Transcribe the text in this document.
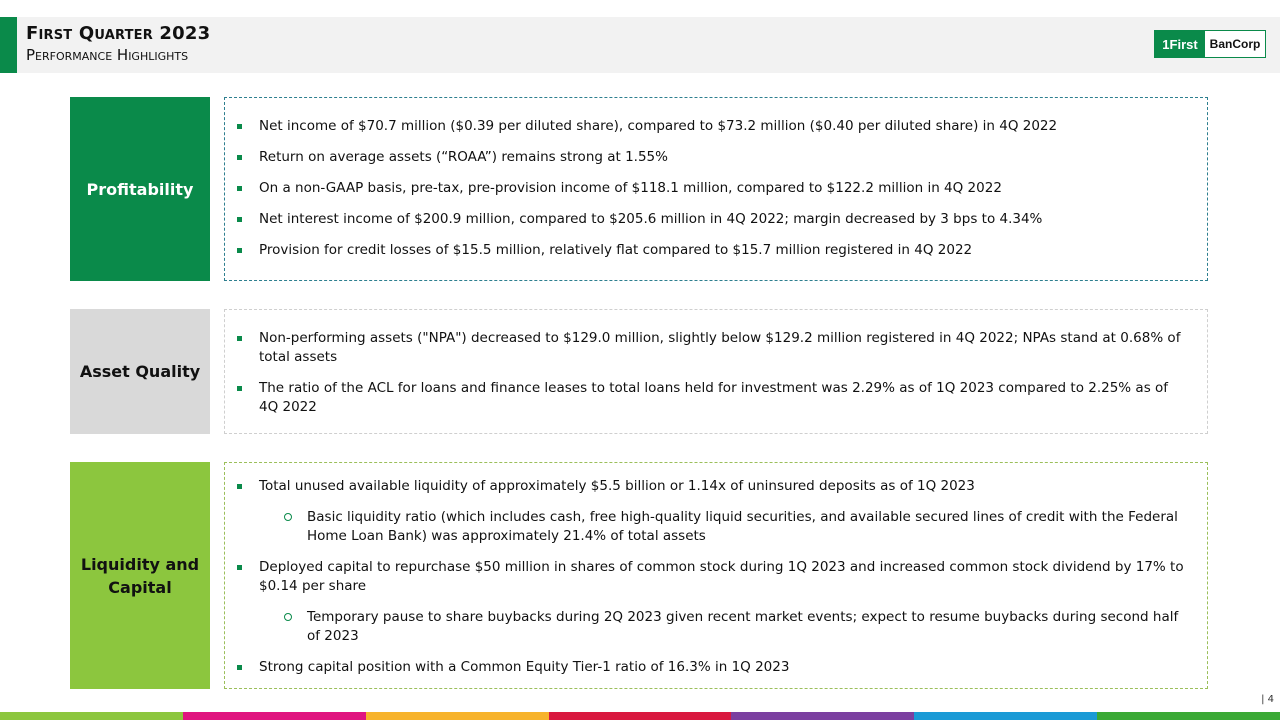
First Quarter 2023
Performance Highlights
1First BanCorp
Profitability
Net income of $70.7 million ($0.39 per diluted share), compared to $73.2 million ($0.40 per diluted share) in 4Q 2022
Return on average assets (“ROAA”) remains strong at 1.55%
On a non-GAAP basis, pre-tax, pre-provision income of $118.1 million, compared to $122.2 million in 4Q 2022
Net interest income of $200.9 million, compared to $205.6 million in 4Q 2022; margin decreased by 3 bps to 4.34%
Provision for credit losses of $15.5 million, relatively flat compared to $15.7 million registered in 4Q 2022
Asset Quality
Non-performing assets ("NPA") decreased to $129.0 million, slightly below $129.2 million registered in 4Q 2022; NPAs stand at 0.68% of total assets
The ratio of the ACL for loans and finance leases to total loans held for investment was 2.29% as of 1Q 2023 compared to 2.25% as of 4Q 2022
Liquidity and Capital
Total unused available liquidity of approximately $5.5 billion or 1.14x of uninsured deposits as of 1Q 2023
Basic liquidity ratio (which includes cash, free high-quality liquid securities, and available secured lines of credit with the Federal Home Loan Bank) was approximately 21.4% of total assets
Deployed capital to repurchase $50 million in shares of common stock during 1Q 2023 and increased common stock dividend by 17% to $0.14 per share
Temporary pause to share buybacks during 2Q 2023 given recent market events; expect to resume buybacks during second half of 2023
Strong capital position with a Common Equity Tier-1 ratio of 16.3% in 1Q 2023
| 4
